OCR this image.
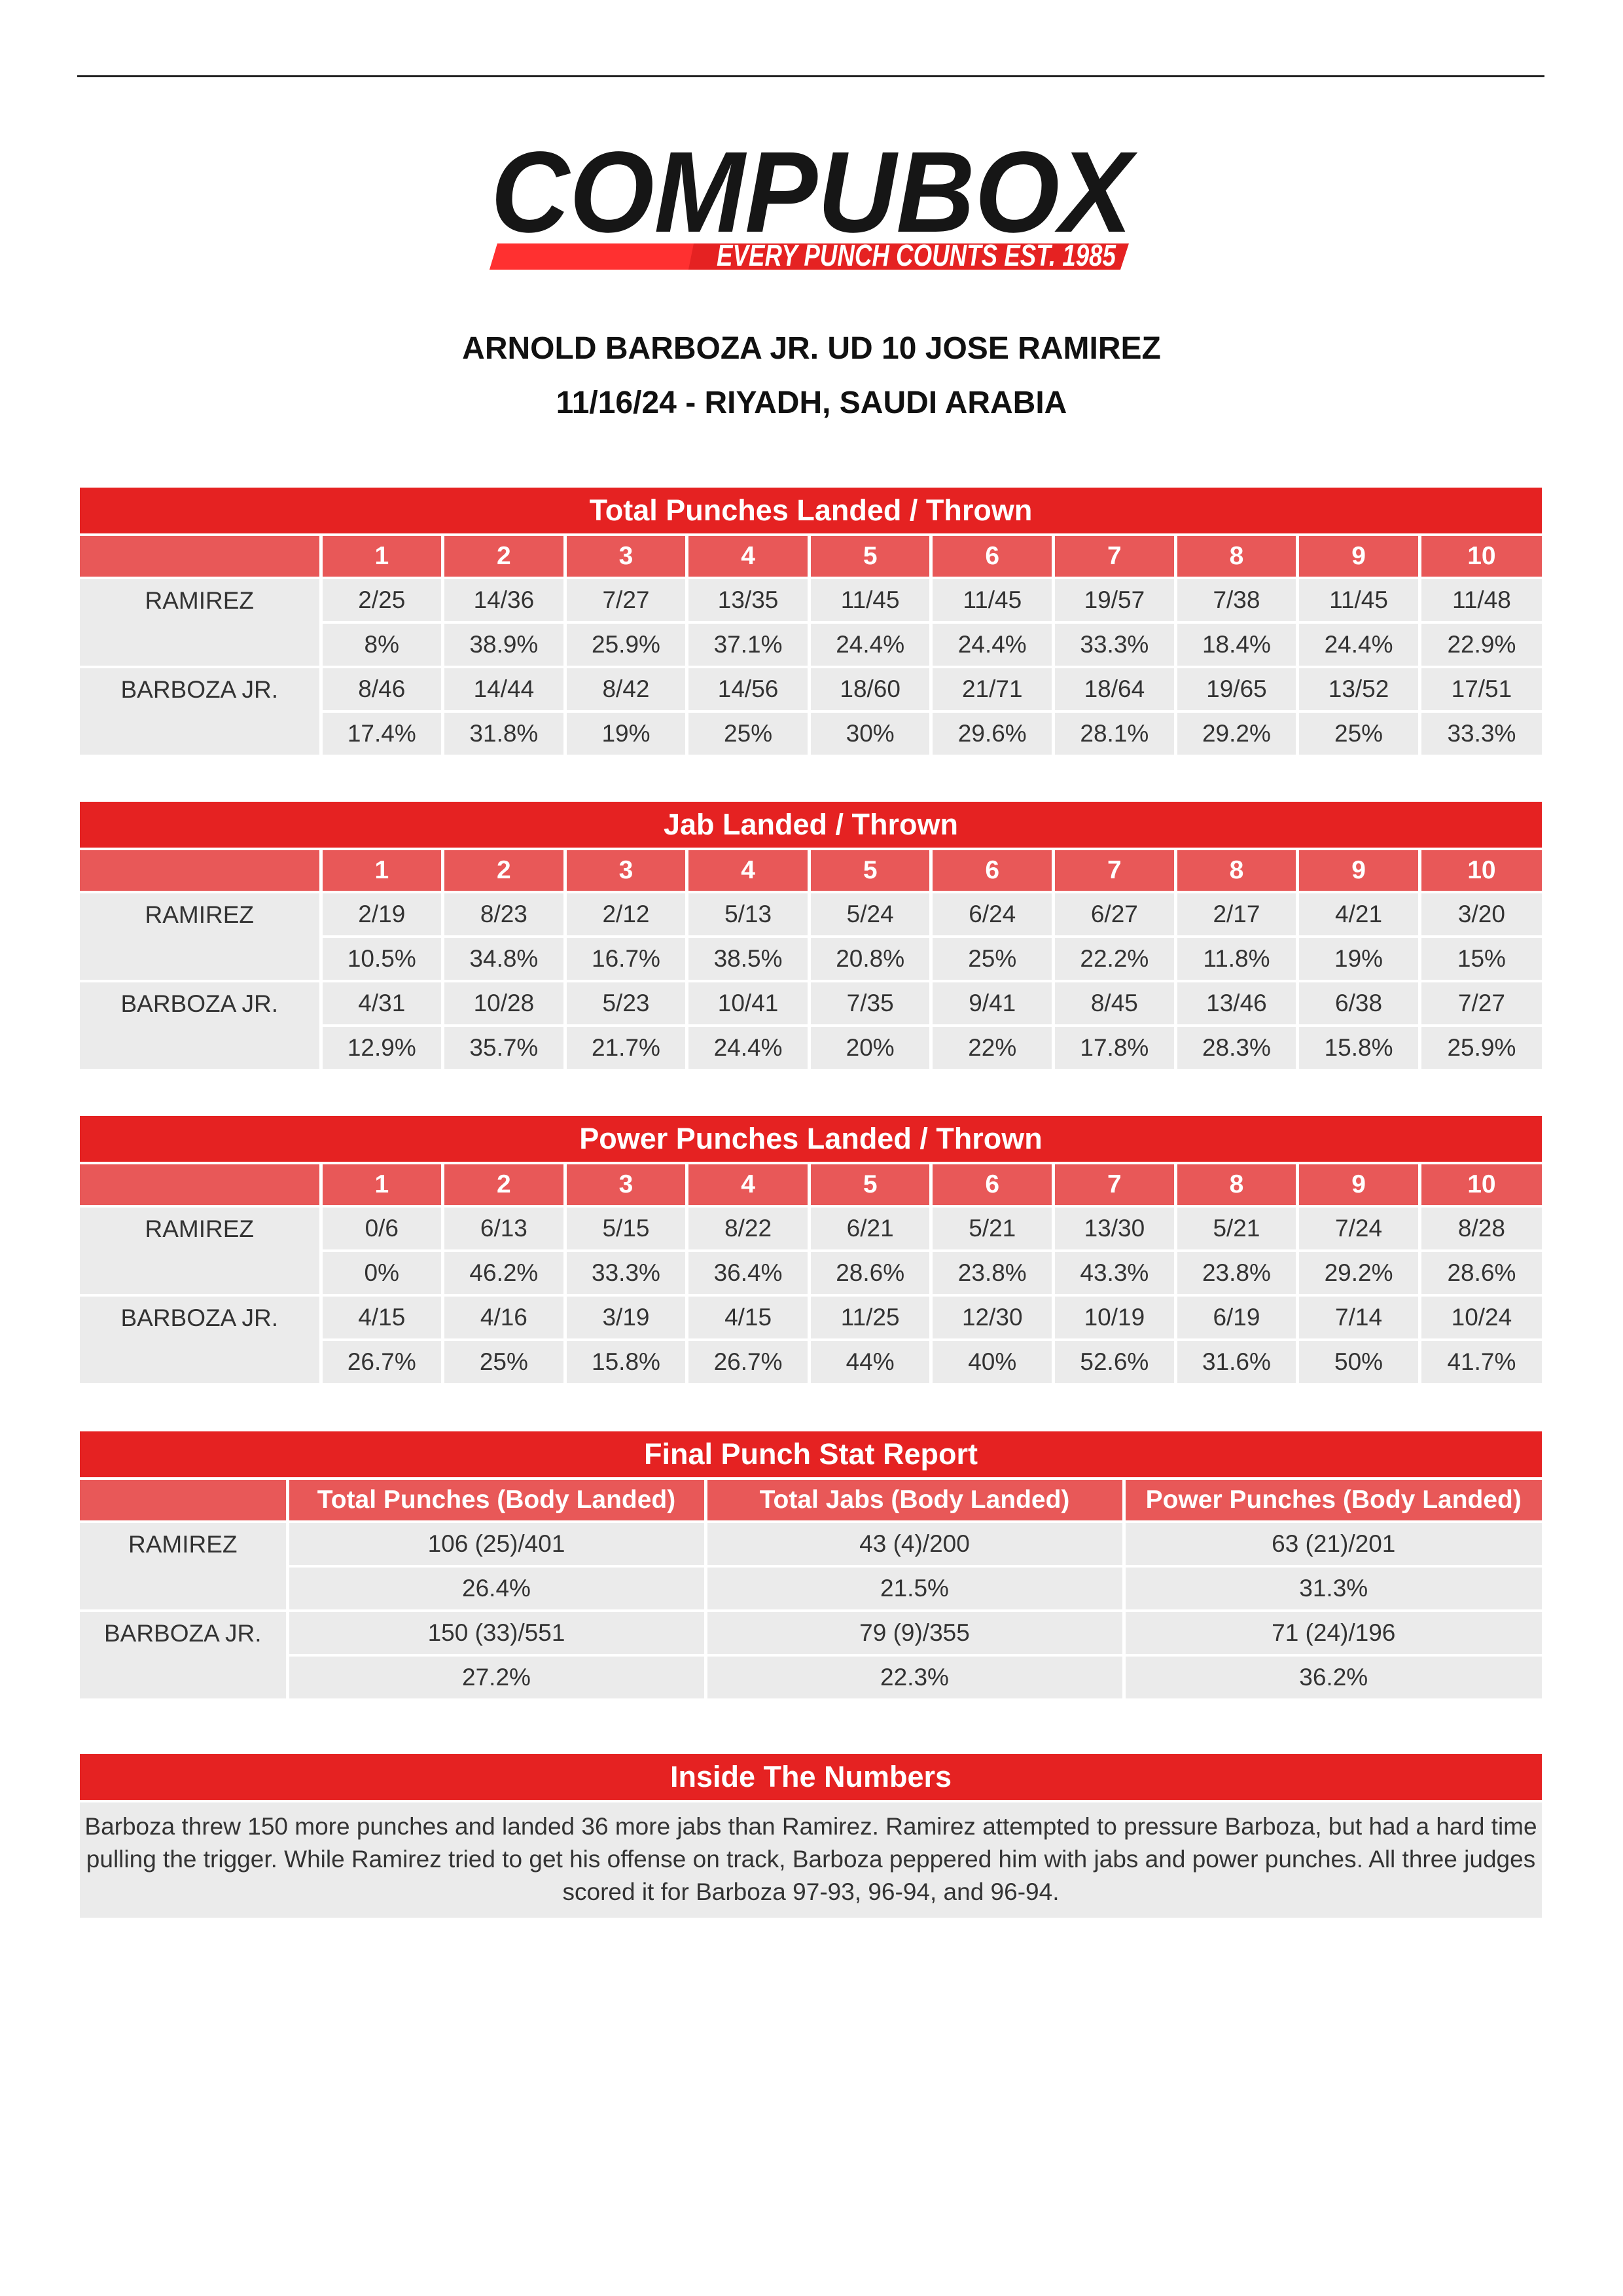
COMPUBOX
EVERY PUNCH COUNTS EST. 1985
ARNOLD BARBOZA JR. UD 10 JOSE RAMIREZ
11/16/24 - RIYADH, SAUDI ARABIA
Total Punches Landed / Thrown										
	1	2	3	4	5	6	7	8	9	10
RAMIREZ	2/25	14/36	7/27	13/35	11/45	11/45	19/57	7/38	11/45	11/48
	8%	38.9%	25.9%	37.1%	24.4%	24.4%	33.3%	18.4%	24.4%	22.9%
BARBOZA JR.	8/46	14/44	8/42	14/56	18/60	21/71	18/64	19/65	13/52	17/51
	17.4%	31.8%	19%	25%	30%	29.6%	28.1%	29.2%	25%	33.3%
Jab Landed / Thrown										
	1	2	3	4	5	6	7	8	9	10
RAMIREZ	2/19	8/23	2/12	5/13	5/24	6/24	6/27	2/17	4/21	3/20
	10.5%	34.8%	16.7%	38.5%	20.8%	25%	22.2%	11.8%	19%	15%
BARBOZA JR.	4/31	10/28	5/23	10/41	7/35	9/41	8/45	13/46	6/38	7/27
	12.9%	35.7%	21.7%	24.4%	20%	22%	17.8%	28.3%	15.8%	25.9%
Power Punches Landed / Thrown										
	1	2	3	4	5	6	7	8	9	10
RAMIREZ	0/6	6/13	5/15	8/22	6/21	5/21	13/30	5/21	7/24	8/28
	0%	46.2%	33.3%	36.4%	28.6%	23.8%	43.3%	23.8%	29.2%	28.6%
BARBOZA JR.	4/15	4/16	3/19	4/15	11/25	12/30	10/19	6/19	7/14	10/24
	26.7%	25%	15.8%	26.7%	44%	40%	52.6%	31.6%	50%	41.7%
Final Punch Stat Report			
	Total Punches (Body Landed)	Total Jabs (Body Landed)	Power Punches (Body Landed)
RAMIREZ	106 (25)/401	43 (4)/200	63 (21)/201
	26.4%	21.5%	31.3%
BARBOZA JR.	150 (33)/551	79 (9)/355	71 (24)/196
	27.2%	22.3%	36.2%
Inside The Numbers
Barboza threw 150 more punches and landed 36 more jabs than Ramirez. Ramirez attempted to pressure Barboza, but had a hard time pulling the trigger. While Ramirez tried to get his offense on track, Barboza peppered him with jabs and power punches. All three judges scored it for Barboza 97-93, 96-94, and 96-94.
